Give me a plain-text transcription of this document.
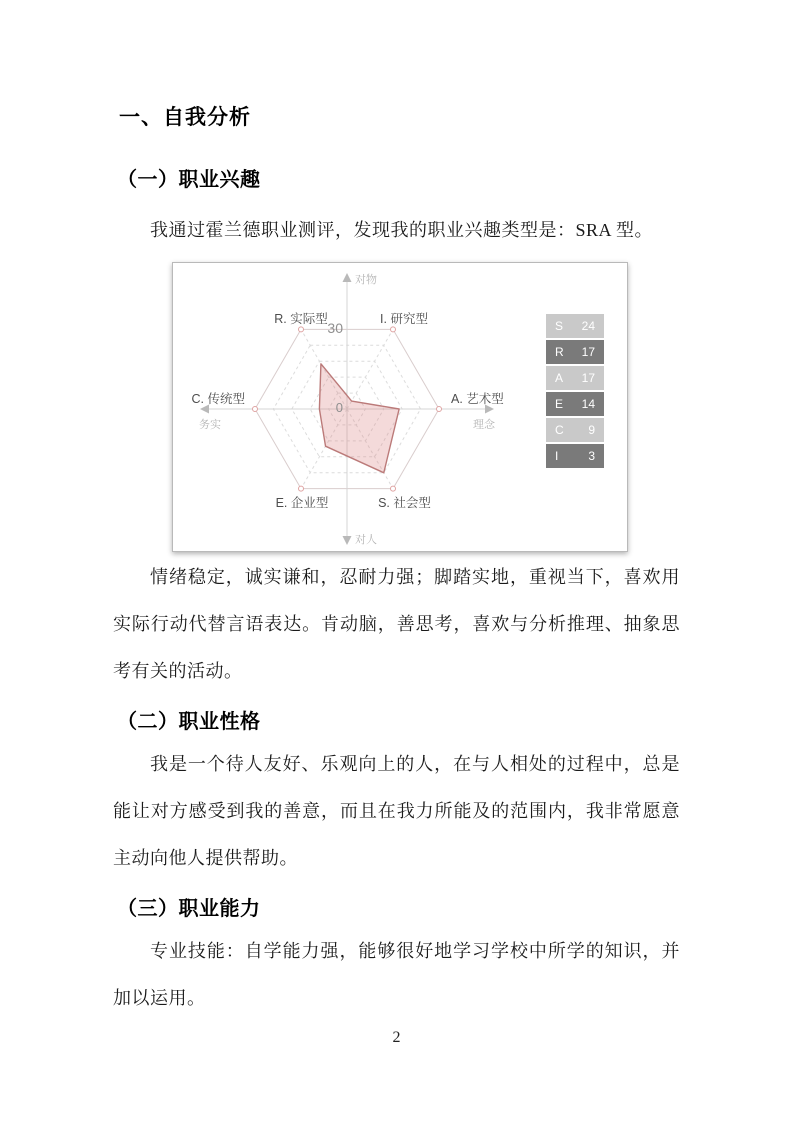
一、自我分析
（一）职业兴趣

我通过霍兰德职业测评，发现我的职业兴趣类型是：SRA 型。

R. 实际型	I. 研究型
A. 艺术型
S. 社会型
E. 企业型
C. 传统型
对物
对人
务实	理念
30
0
S 24
R 17
A 17
E 14
C 9
I 3

情绪稳定，诚实谦和，忍耐力强；脚踏实地，重视当下，喜欢用实际行动代替言语表达。肯动脑，善思考，喜欢与分析推理、抽象思考有关的活动。

（二）职业性格

我是一个待人友好、乐观向上的人，在与人相处的过程中，总是能让对方感受到我的善意，而且在我力所能及的范围内，我非常愿意主动向他人提供帮助。

（三）职业能力

专业技能：自学能力强，能够很好地学习学校中所学的知识，并加以运用。

2
